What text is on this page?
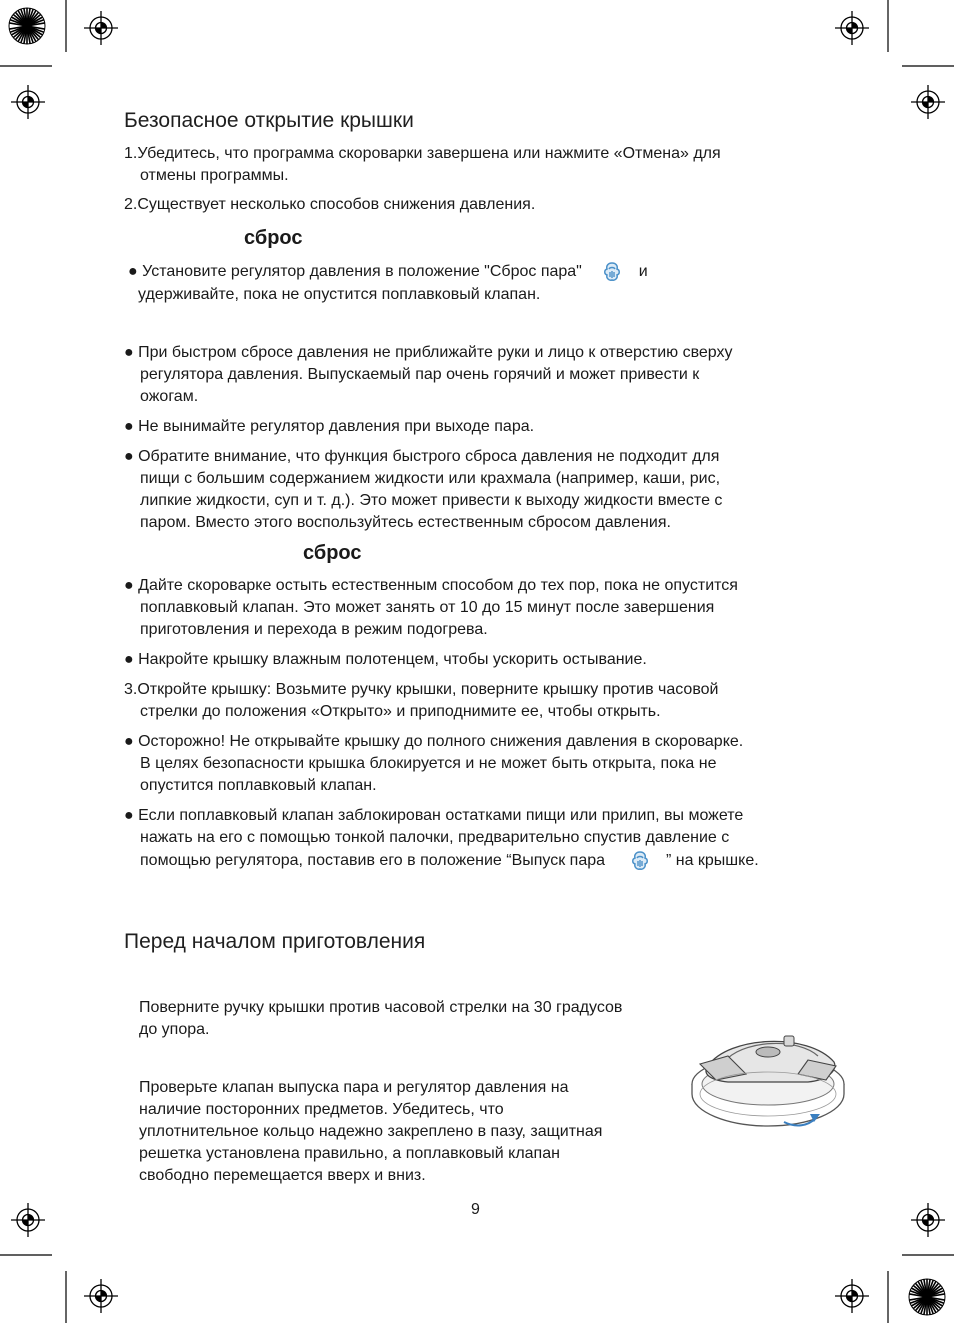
Безопасное открытие крышки
1.Убедитесь, что программа скороварки завершена или нажмите «Отмена» для
отмены программы.
2.Существует несколько способов снижения давления.
сброс
● Установите регулятор давления в положение "Сброс пара"	и
удерживайте, пока не опустится поплавковый клапан.
● При быстром сбросе давления не приближайте руки и лицо к отверстию сверху
регулятора давления. Выпускаемый пар очень горячий и может привести к
ожогам.
● Не вынимайте регулятор давления при выходе пара.
● Обратите внимание, что функция быстрого сброса давления не подходит для
пищи с большим содержанием жидкости или крахмала (например, каши, рис,
липкие жидкости, суп и т. д.). Это может привести к выходу жидкости вместе с
паром. Вместо этого воспользуйтесь естественным сбросом давления.
сброс
● Дайте скороварке остыть естественным способом до тех пор, пока не опустится
поплавковый клапан. Это может занять от 10 до 15 минут после завершения
приготовления и перехода в режим подогрева.
● Накройте крышку влажным полотенцем, чтобы ускорить остывание.
3.Откройте крышку: Возьмите ручку крышки, поверните крышку против часовой
стрелки до положения «Открыто» и приподнимите ее, чтобы открыть.
● Осторожно! Не открывайте крышку до полного снижения давления в скороварке.
В целях безопасности крышка блокируется и не может быть открыта, пока не
опустится поплавковый клапан.
● Если поплавковый клапан заблокирован остатками пищи или прилип, вы можете
нажать на его с помощью тонкой палочки, предварительно спустив давление с
помощью регулятора, поставив его в положение “Выпуск пара	” на крышке.
Перед началом приготовления
Поверните ручку крышки против часовой стрелки на 30 градусов
до упора.
Проверьте клапан выпуска пара и регулятор давления на
наличие посторонних предметов. Убедитесь, что
уплотнительное кольцо надежно закреплено в пазу, защитная
решетка установлена правильно, а поплавковый клапан
свободно перемещается вверх и вниз.
9
